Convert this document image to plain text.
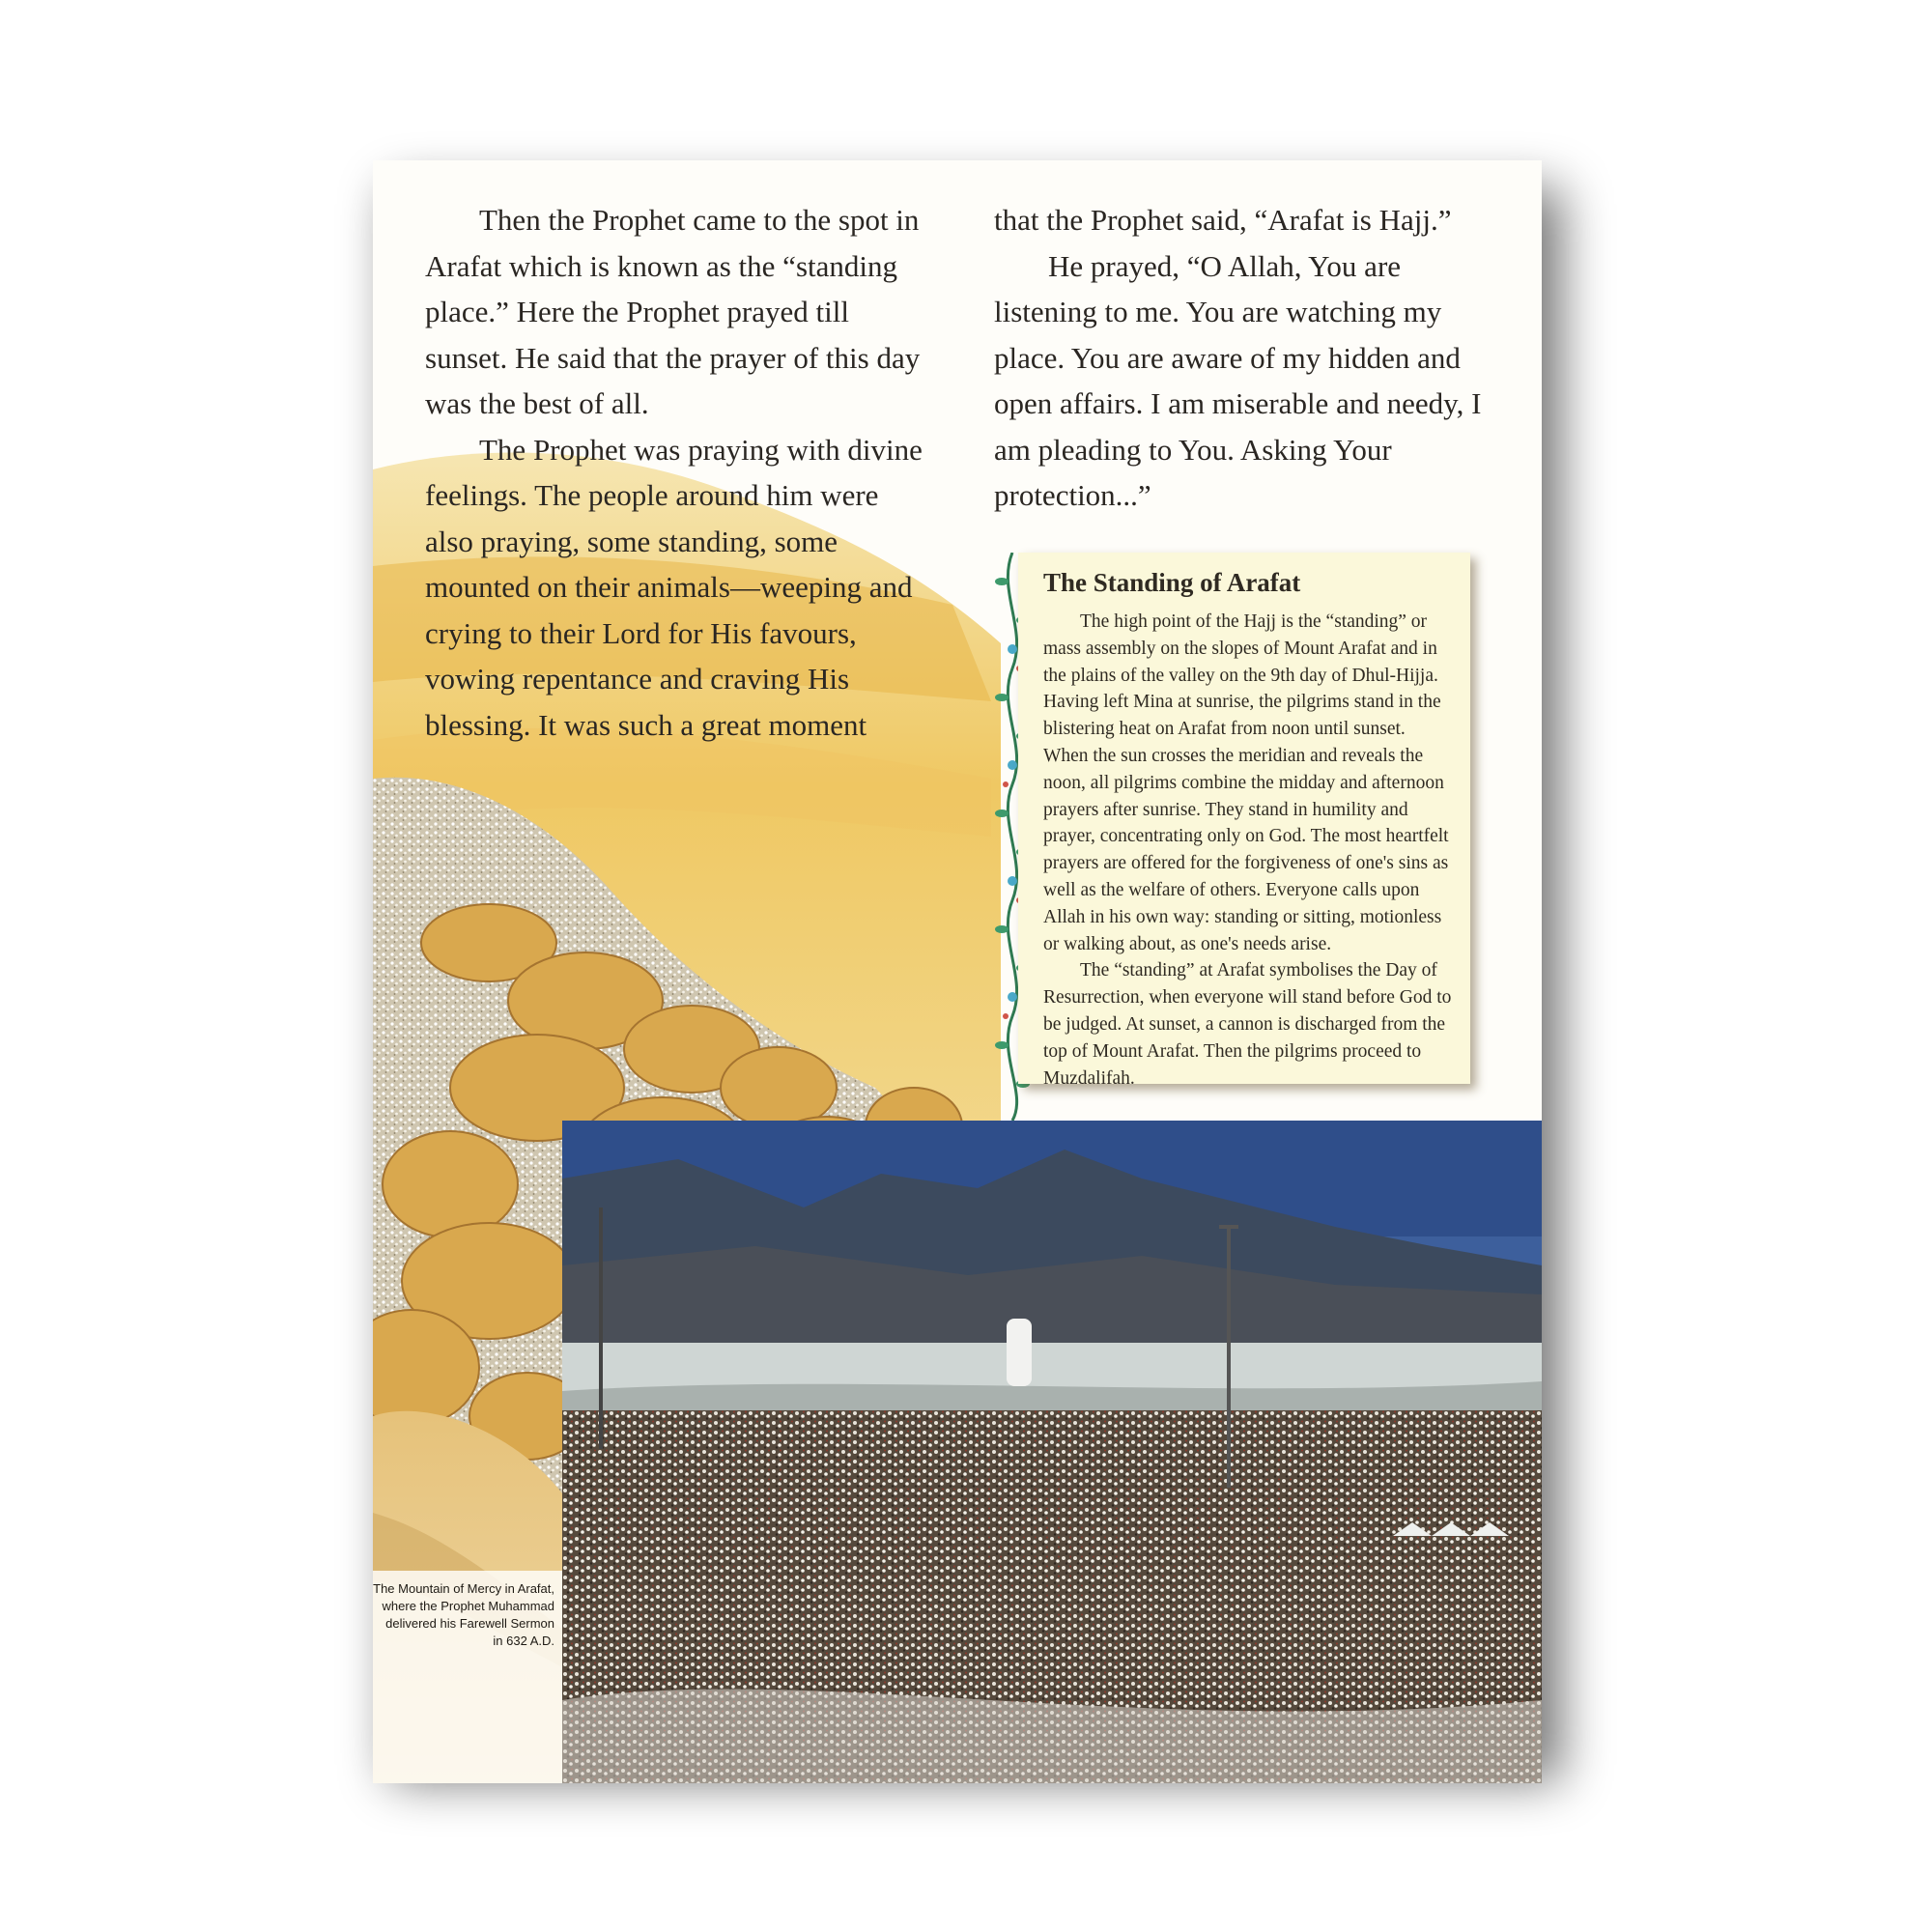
Then the Prophet came to the spot in Arafat which is known as the “standing place.” Here the Prophet prayed till sunset. He said that the prayer of this day was the best of all.

The Prophet was praying with divine feelings. The people around him were also praying, some standing, some mounted on their animals—weeping and crying to their Lord for His favours, vowing repentance and craving His blessing. It was such a great moment

that the Prophet said, “Arafat is Hajj.”

He prayed, “O Allah, You are listening to me. You are watching my place. You are aware of my hidden and open affairs. I am miserable and needy, I am pleading to You. Asking Your protection...”

The Standing of Arafat

The high point of the Hajj is the “standing” or mass assembly on the slopes of Mount Arafat and in the plains of the valley on the 9th day of Dhul-Hijja. Having left Mina at sunrise, the pilgrims stand in the blistering heat on Arafat from noon until sunset. When the sun crosses the meridian and reveals the noon, all pilgrims combine the midday and afternoon prayers after sunrise. They stand in humility and prayer, concentrating only on God. The most heartfelt prayers are offered for the forgiveness of one's sins as well as the welfare of others. Everyone calls upon Allah in his own way: standing or sitting, motionless or walking about, as one's needs arise.

The “standing” at Arafat symbolises the Day of Resurrection, when everyone will stand before God to be judged. At sunset, a cannon is discharged from the top of Mount Arafat. Then the pilgrims proceed to Muzdalifah.

The Mountain of Mercy in Arafat, where the Prophet Muhammad delivered his Farewell Sermon in 632 A.D.
